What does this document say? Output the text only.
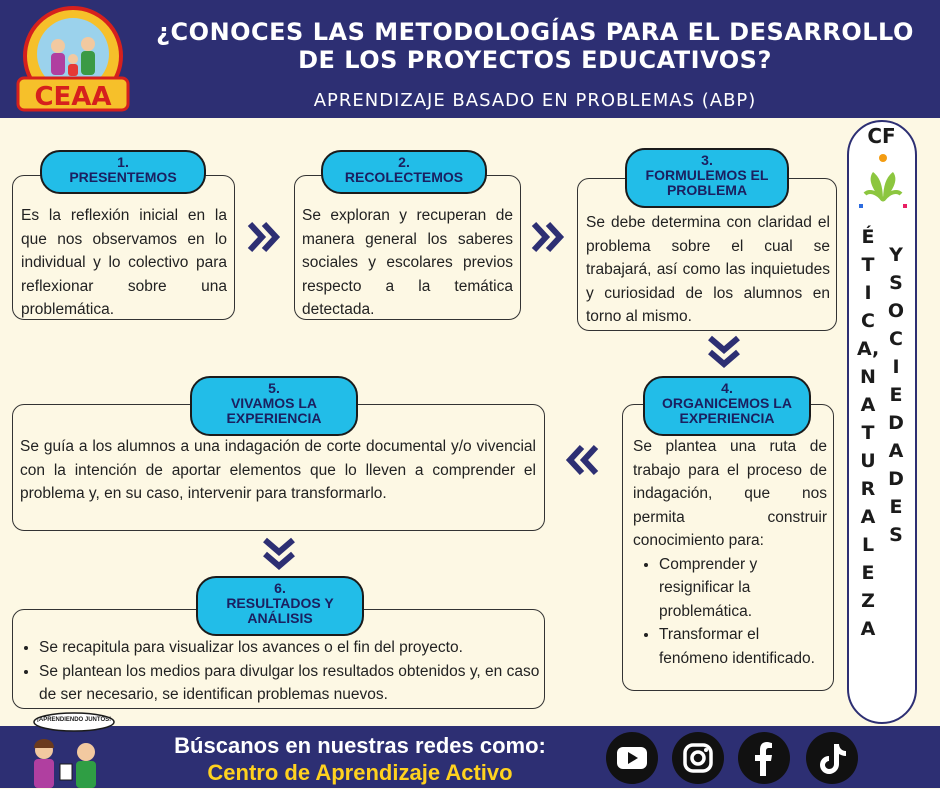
CEAA
¿CONOCES LAS METODOLOGÍAS PARA EL DESARROLLO DE LOS PROYECTOS EDUCATIVOS?
APRENDIZAJE BASADO EN PROBLEMAS (ABP)

Es la reflexión inicial en la que nos observamos en lo individual y lo colectivo para reflexionar sobre una problemática.

1.
PRESENTEMOS

Se exploran y recuperan de manera general los saberes sociales y escolares previos respecto a la temática detectada.

2.
RECOLECTEMOS

Se debe determina con claridad el problema sobre el cual se trabajará, así como las inquietudes y curiosidad de los alumnos en torno al mismo.

3.
FORMULEMOS EL PROBLEMA

Se plantea una ruta de trabajo para el proceso de indagación, que nos permita construir conocimiento para:

• Comprender y resignificar la problemática.
• Transformar el fenómeno identificado.
4.
ORGANICEMOS LA EXPERIENCIA

Se guía a los alumnos a una indagación de corte documental y/o vivencial con la intención de aportar elementos que lo lleven a comprender el problema y, en su caso, intervenir para transformarlo.

5.
VIVAMOS LA EXPERIENCIA
• Se recapitula para visualizar los avances o el fin del proyecto.
• Se plantean los medios para divulgar los resultados obtenidos y, en caso de ser necesario, se identifican problemas nuevos.
6.
RESULTADOS Y ANÁLISIS
CF
É
T
I
C
A,
N
A
T
U
R
A
L
E
Z
A
Y
S
O
C
I
E
D
A
D
E
S
¡APRENDIENDO JUNTOS!
Búscanos en nuestras redes como:
Centro de Aprendizaje Activo
